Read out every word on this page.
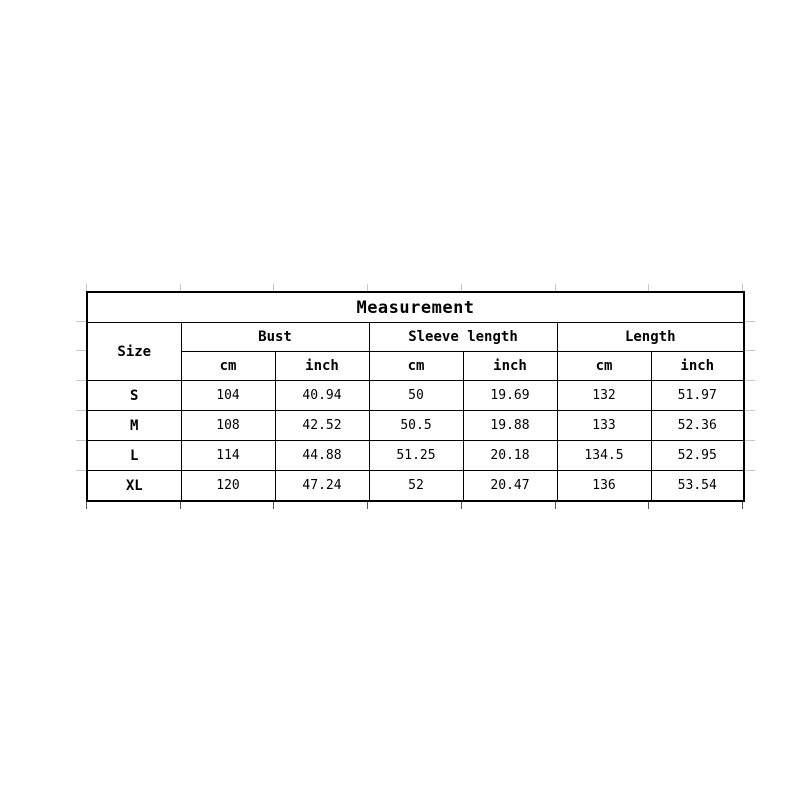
Measurement						
Size	Bust		Sleeve length		Length	
	cm	inch	cm	inch	cm	inch
S	104	40.94	50	19.69	132	51.97
M	108	42.52	50.5	19.88	133	52.36
L	114	44.88	51.25	20.18	134.5	52.95
XL	120	47.24	52	20.47	136	53.54
